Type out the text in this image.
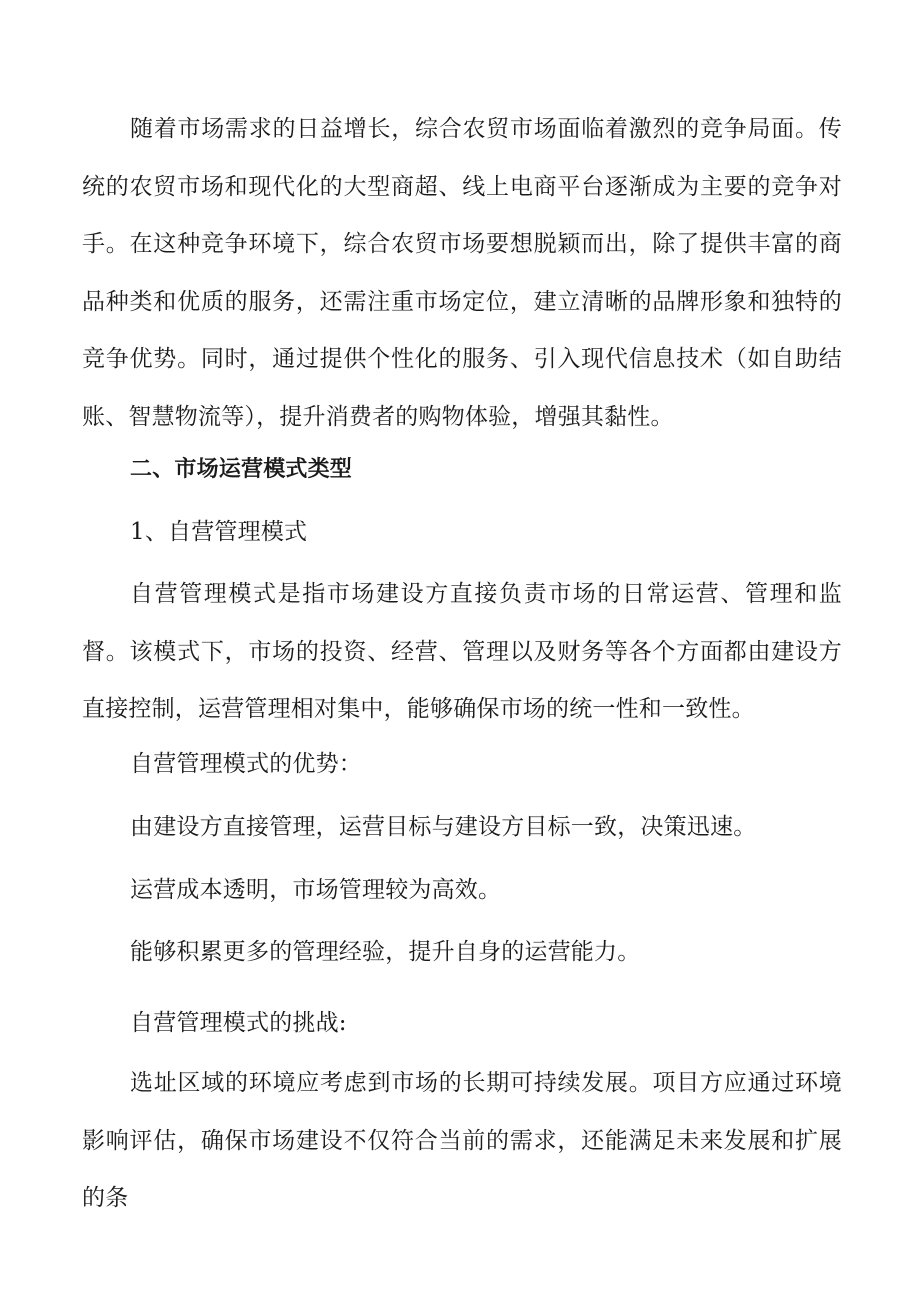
随着市场需求的日益增长，综合农贸市场面临着激烈的竞争局面。传统的农贸市场和现代化的大型商超、线上电商平台逐渐成为主要的竞争对手。在这种竞争环境下，综合农贸市场要想脱颖而出，除了提供丰富的商品种类和优质的服务，还需注重市场定位，建立清晰的品牌形象和独特的竞争优势。同时，通过提供个性化的服务、引入现代信息技术（如自助结账、智慧物流等），提升消费者的购物体验，增强其黏性。

二、市场运营模式类型

1、自营管理模式

自营管理模式是指市场建设方直接负责市场的日常运营、管理和监督。该模式下，市场的投资、经营、管理以及财务等各个方面都由建设方直接控制，运营管理相对集中，能够确保市场的统一性和一致性。

自营管理模式的优势：

由建设方直接管理，运营目标与建设方目标一致，决策迅速。

运营成本透明，市场管理较为高效。

能够积累更多的管理经验，提升自身的运营能力。

自营管理模式的挑战:

选址区域的环境应考虑到市场的长期可持续发展。项目方应通过环境影响评估，确保市场建设不仅符合当前的需求，还能满足未来发展和扩展的条
